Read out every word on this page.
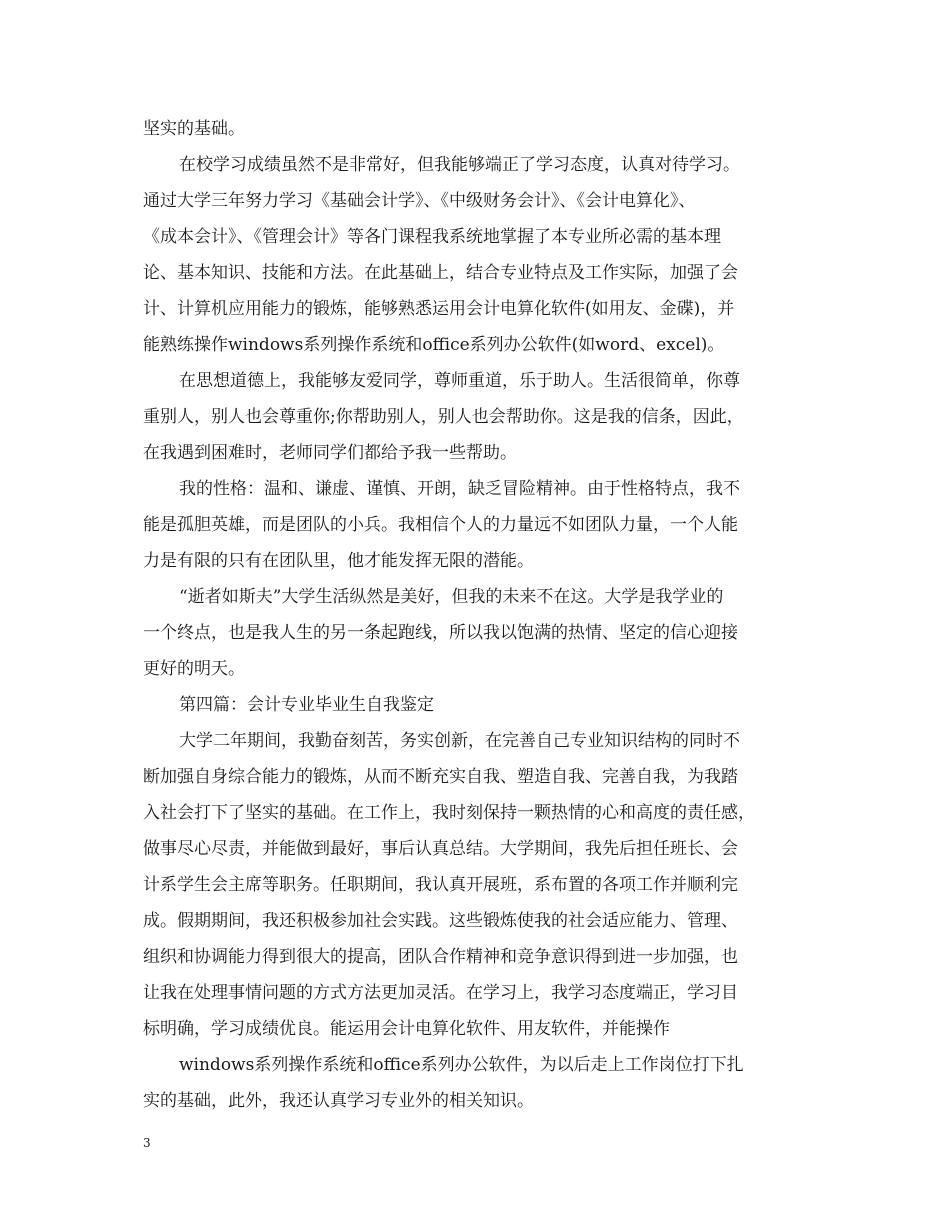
坚实的基础。

在校学习成绩虽然不是非常好，但我能够端正了学习态度，认真对待学习。

通过大学三年努力学习《基础会计学》、《中级财务会计》、《会计电算化》、

《成本会计》、《管理会计》等各门课程我系统地掌握了本专业所必需的基本理

论、基本知识、技能和方法。在此基础上，结合专业特点及工作实际，加强了会

计、计算机应用能力的锻炼，能够熟悉运用会计电算化软件(如用友、金碟)，并

能熟练操作windows系列操作系统和office系列办公软件(如word、excel)。

在思想道德上，我能够友爱同学，尊师重道，乐于助人。生活很简单，你尊

重别人，别人也会尊重你;你帮助别人，别人也会帮助你。这是我的信条，因此，

在我遇到困难时，老师同学们都给予我一些帮助。

我的性格：温和、谦虚、谨慎、开朗，缺乏冒险精神。由于性格特点，我不

能是孤胆英雄，而是团队的小兵。我相信个人的力量远不如团队力量，一个人能

力是有限的只有在团队里，他才能发挥无限的潜能。

“逝者如斯夫”大学生活纵然是美好，但我的未来不在这。大学是我学业的

一个终点，也是我人生的另一条起跑线，所以我以饱满的热情、坚定的信心迎接

更好的明天。

第四篇：会计专业毕业生自我鉴定

大学二年期间，我勤奋刻苦，务实创新，在完善自己专业知识结构的同时不

断加强自身综合能力的锻炼，从而不断充实自我、塑造自我、完善自我，为我踏

入社会打下了坚实的基础。在工作上，我时刻保持一颗热情的心和高度的责任感，

做事尽心尽责，并能做到最好，事后认真总结。大学期间，我先后担任班长、会

计系学生会主席等职务。任职期间，我认真开展班，系布置的各项工作并顺利完

成。假期期间，我还积极参加社会实践。这些锻炼使我的社会适应能力、管理、

组织和协调能力得到很大的提高，团队合作精神和竞争意识得到进一步加强，也

让我在处理事情问题的方式方法更加灵活。在学习上，我学习态度端正，学习目

标明确，学习成绩优良。能运用会计电算化软件、用友软件，并能操作

windows系列操作系统和office系列办公软件，为以后走上工作岗位打下扎

实的基础，此外，我还认真学习专业外的相关知识。

3
